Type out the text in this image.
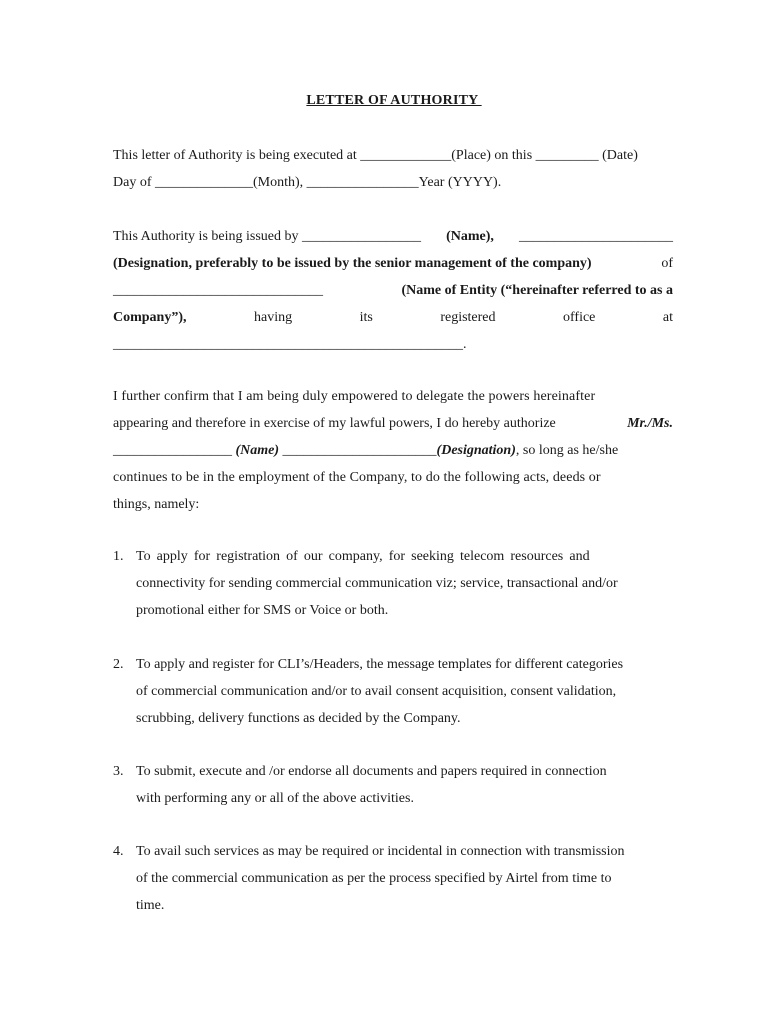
LETTER OF AUTHORITY
This letter of Authority is being executed at _____________(Place) on this _________ (Date)
Day of ______________(Month), ________________Year (YYYY).
This Authority is being issued by _________________ (Name), ______________________
(Designation, preferably to be issued by the senior management of the company)	of
______________________________	(Name of Entity (“hereinafter referred to as a
Company”),	having	its	registered	office	at
__________________________________________________.
I further confirm that I am being duly empowered to delegate the powers hereinafter
appearing and therefore in exercise of my lawful powers, I do hereby authorize	Mr./Ms.
_________________ (Name) ______________________(Designation), so long as he/she
continues to be in the employment of the Company, to do the following acts, deeds or
things, namely:
1. To apply for registration of our company, for seeking telecom resources and
connectivity for sending commercial communication viz; service, transactional and/or
promotional either for SMS or Voice or both.
2. To apply and register for CLI’s/Headers, the message templates for different categories
of commercial communication and/or to avail consent acquisition, consent validation,
scrubbing, delivery functions as decided by the Company.
3. To submit, execute and /or endorse all documents and papers required in connection
with performing any or all of the above activities.
4. To avail such services as may be required or incidental in connection with transmission
of the commercial communication as per the process specified by Airtel from time to
time.
